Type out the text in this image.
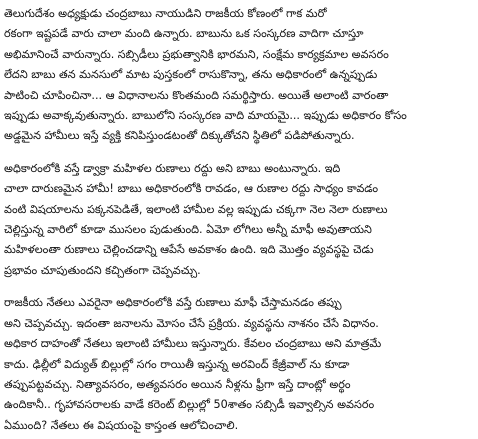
తెలుగుదేశం అధ్యక్షుడు చంద్రబాబు నాయుడిని రాజకీయ కోణంలో గాక మరో
రకంగా ఇష్టపడే వారు చాలా మంది ఉన్నారు. బాబును ఒక సంస్కరణ వాదిగా చూస్తూ
అభిమానించే వారున్నారు. సబ్సిడీలు ప్రభుత్వానికి భారమని, సంక్షేమ కార్యక్రమాల అవసరం
లేదని బాబు తన మనసులో మాట పుస్తకంలో రాసుకొన్నా, తను అధికారంలో ఉన్నప్పుడు
పాటించి చూపించినా... ఆ విధానాలను కొంతమంది సమర్థిస్తారు. అయితే అలాంటి వారంతా
ఇప్పుడు అవాక్కవుతున్నారు. బాబులోని సంస్కరణ వాది మాయమై... ఇప్పుడు అధికారం కోసం
అడ్డమైన హామీలు ఇస్తే వ్యక్తి కనిపిస్తుండటంతో దిక్కుతోచని స్థితిలో పడిపోతున్నారు.

అధికారంలోకి వస్తే డ్వాక్రా మహిళల రుణాలు రద్దు అని బాబు అంటున్నారు. ఇది
చాలా దారుణమైన హామీ! బాబు అధికారంలోకి రావడం, ఆ రుణాల రద్దు సాధ్యం కావడం
వంటి విషయాలను పక్కనపెడితే, ఇలాంటి హామీల వల్ల ఇప్పుడు చక్కగా నెల నెలా రుణాలు
చెల్లిస్తున్న వారిలో కూడా ముసలం పుడుతుంది. ఏమో లోగిలు అన్నీ మాఫీ అవుతాయని
మహిళలంతా రుణాలు చెల్లించడాన్ని ఆపేసే అవకాశం ఉంది. ఇది మొత్తం వ్యవస్థపై చెడు
ప్రభావం చూపుతుందని కచ్చితంగా చెప్పవచ్చు.

రాజకీయ నేతలు ఎవరైనా అధికారంలోకి వస్తే రుణాలు మాఫీ చేస్తామనడం తప్పు
అని చెప్పవచ్చు. ఇదంతా జనాలను మోసం చేసే ప్రక్రియ. వ్యవస్థను నాశనం చేసే విధానం.
అధికార దాహంతో నేతలు ఇలాంటి హామీలు ఇస్తున్నారు. కేవలం చంద్రబాబు అని మాత్రమే
కాదు. ఢిల్లీలో విద్యుత్ బిల్లుల్లో సగం రాయితీ ఇస్తున్న అరవింద్ కేజ్రీవాల్ ను కూడా
తప్పుపట్టవచ్చు. నిత్యావసరం, అత్యవసరం అయిన నీళ్లను ఫ్రీగా ఇస్తే దాంట్లో అర్థం
ఉందికానీ.. గృహావసరాలకు వాడే కరెంట్ బిల్లుల్లో 50శాతం సబ్సిడీ ఇవ్వాల్సిన అవసరం
ఏముంది? నేతలు ఈ విషయంపై కాస్తంత ఆలోచించాలి.
